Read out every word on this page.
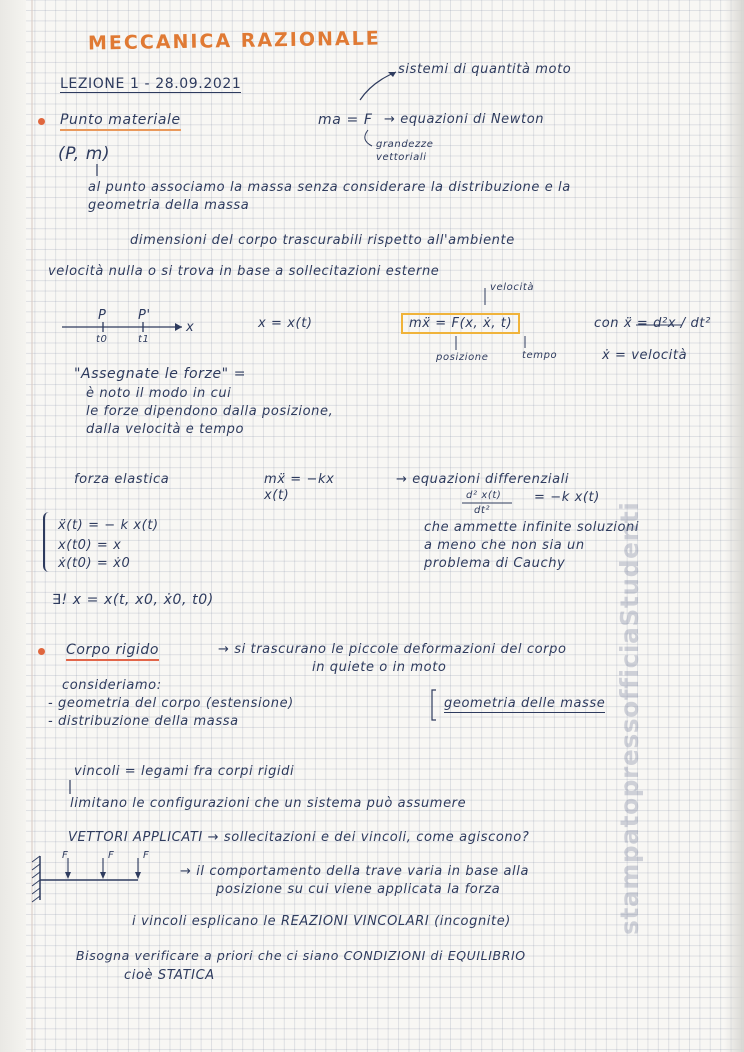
MECCANICA RAZIONALE
LEZIONE 1 - 28.09.2021
sistemi di quantità moto
Punto materiale	ma = F → equazioni di Newton
grandezze vettoriali
(P, m)
al punto associamo la massa senza considerare la distribuzione e la
geometria della massa
dimensioni del corpo trascurabili rispetto all'ambiente
velocità nulla o si trova in base a sollecitazioni esterne
P P'
t0	t1
x	x = x(t)
velocità
mẍ = F(x, ẋ, t)
posizione	tempo
con ẍ = d²x / dt²
ẋ = velocità
"Assegnate le forze" =
è noto il modo in cui
le forze dipendono dalla posizione,
dalla velocità e tempo
forza elastica	mẍ = −kx
x(t)
→ equazioni differenziali
d² x(t)
dt²
= −k x(t)
ẍ(t) = − k x(t)
x(t0) = x
ẋ(t0) = ẋ0
che ammette infinite soluzioni
a meno che non sia un
problema di Cauchy
∃! x = x(t, x0, ẋ0, t0)
Corpo rigido	→ si trascurano le piccole deformazioni del corpo
in quiete o in moto
consideriamo:
- geometria del corpo (estensione)
- distribuzione della massa
geometria delle masse
vincoli = legami fra corpi rigidi
limitano le configurazioni che un sistema può assumere
VETTORI APPLICATI → sollecitazioni e dei vincoli, come agiscono?
F	F	F
→ il comportamento della trave varia in base alla
posizione su cui viene applicata la forza
i vincoli esplicano le REAZIONI VINCOLARI (incognite)
Bisogna verificare a priori che ci siano CONDIZIONI di EQUILIBRIO
cioè STATICA
stampatopressofficiaStudenti
